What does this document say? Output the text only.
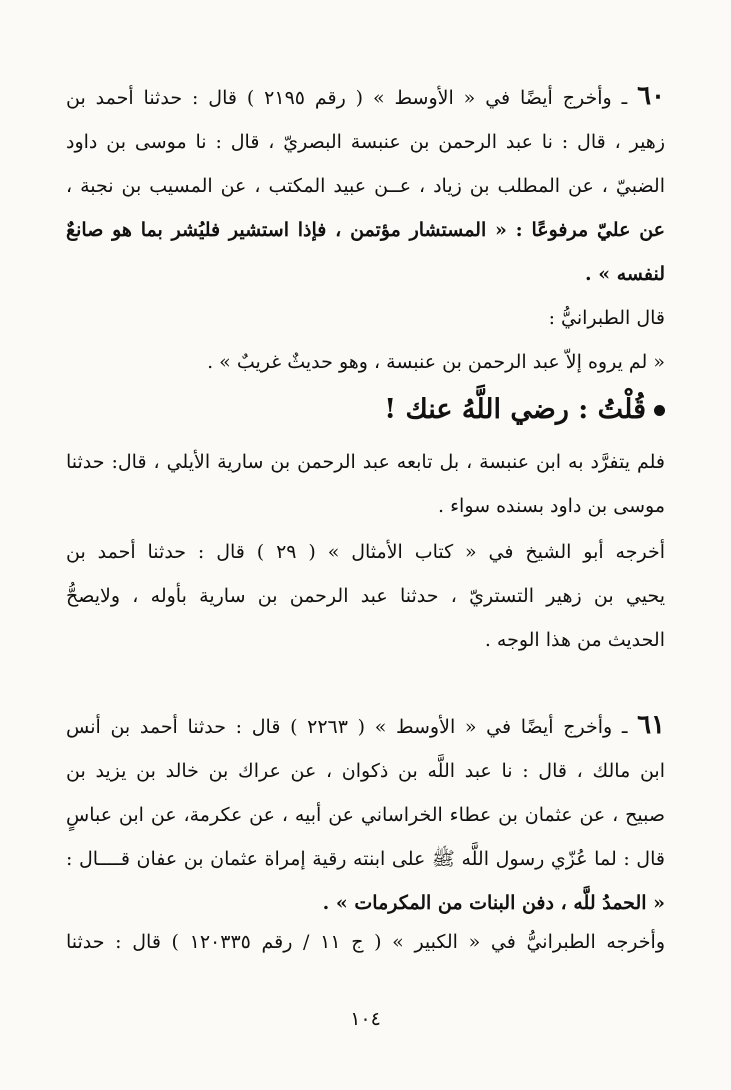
٦٠ ـ وأخرج أيضًا في « الأوسط » ( رقم ٢١٩٥ ) قال : حدثنا أحمد بن
زهير ، قال : نا عبد الرحمن بن عنبسة البصريّ ، قال : نا موسى بن داود
الضبيّ ، عن المطلب بن زياد ، عــن عبيد المكتب ، عن المسيب بن نجبة ،
عن عليّ مرفوعًا : « المستشار مؤتمن ، فإذا استشير فليُشر بما هو صانعٌ
لنفسه » .
قال الطبرانيُّ :
« لم يروه إلاّ عبد الرحمن بن عنبسة ، وهو حديثٌ غريبٌ » .
قُلْتُ : رضي اللَّهُ عنك !
فلم يتفرَّد به ابن عنبسة ، بل تابعه عبد الرحمن بن سارية الأيلي ، قال: حدثنا
موسى بن داود بسنده سواء .
أخرجه أبو الشيخ في « كتاب الأمثال » ( ٢٩ ) قال : حدثنا أحمد بن
يحيي بن زهير التستريّ ، حدثنا عبد الرحمن بن سارية بأوله ، ولايصحُّ
الحديث من هذا الوجه .
٦١ ـ وأخرج أيضًا في « الأوسط » ( ٢٢٦٣ ) قال : حدثنا أحمد بن أنس
ابن مالك ، قال : نا عبد اللَّه بن ذكوان ، عن عراك بن خالد بن يزيد بن
صبيح ، عن عثمان بن عطاء الخراساني عن أبيه ، عن عكرمة، عن ابن عباسٍ
قال : لما عُزّي رسول اللَّه ﷺ على ابنته رقية إمراة عثمان بن عفان قــــال :
« الحمدُ للَّه ، دفن البنات من المكرمات » .
وأخرجه الطبرانيُّ في « الكبير » ( ج ١١ / رقم ١٢٠٣٣٥ ) قال : حدثنا
١٠٤
